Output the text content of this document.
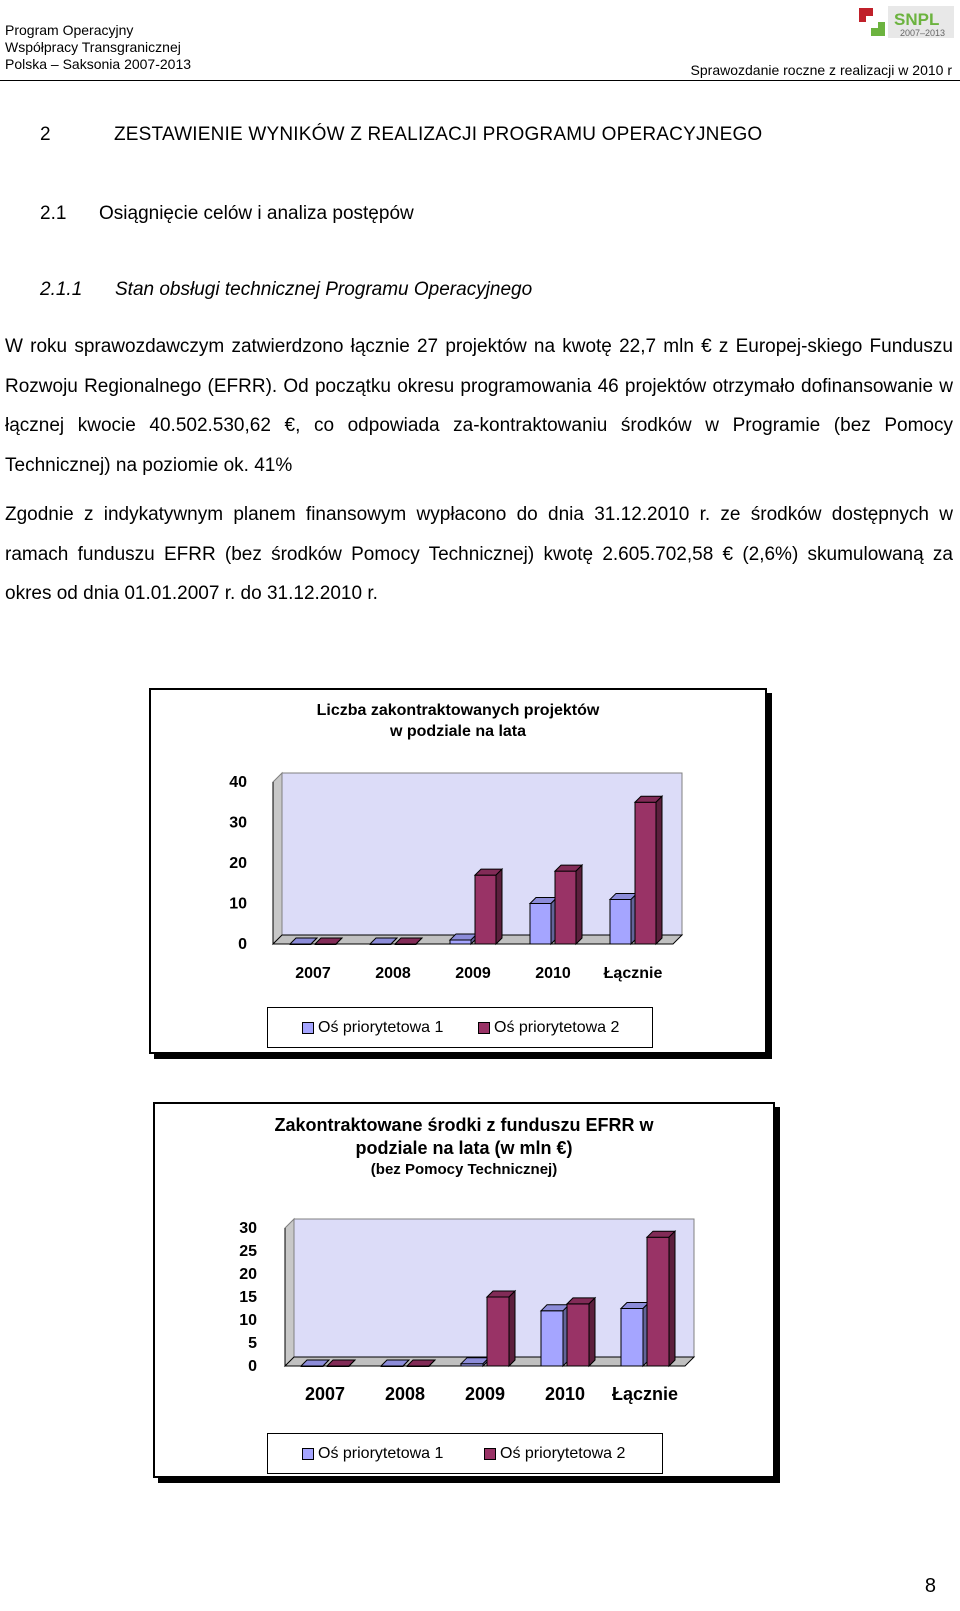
Program Operacyjny
Współpracy Transgranicznej
Polska – Saksonia 2007-2013	Sprawozdanie roczne z realizacji w 2010 r
SNPL
2007–2013
2	ZESTAWIENIE WYNIKÓW Z REALIZACJI PROGRAMU OPERACYJNEGO
2.1 Osiągnięcie celów i analiza postępów
2.1.1 Stan obsługi technicznej Programu Operacyjnego

W roku sprawozdawczym zatwierdzono łącznie 27 projektów na kwotę 22,7 mln € z Europej-skiego Funduszu Rozwoju Regionalnego (EFRR). Od początku okresu programowania 46 projektów otrzymało dofinansowanie w łącznej kwocie 40.502.530,62 €, co odpowiada za-kontraktowaniu środków w Programie (bez Pomocy Technicznej) na poziomie ok. 41%

Zgodnie z indykatywnym planem finansowym wypłacono do dnia 31.12.2010 r. ze środków dostępnych w ramach funduszu EFRR (bez środków Pomocy Technicznej) kwotę 2.605.702,58 € (2,6%) skumulowaną za okres od dnia 01.01.2007 r. do 31.12.2010 r.

Liczba zakontraktowanych projektów
w podziale na lata
0
10
20
30
40
2007	2008	2009	2010 Łącznie
Oś priorytetowa 1	Oś priorytetowa 2
Zakontraktowane środki z funduszu EFRR w
podziale na lata (w mln €)
(bez Pomocy Technicznej)
0
5
10
15
20
25
30
2007 2008 2009 2010 Łącznie
Oś priorytetowa 1	Oś priorytetowa 2
8
